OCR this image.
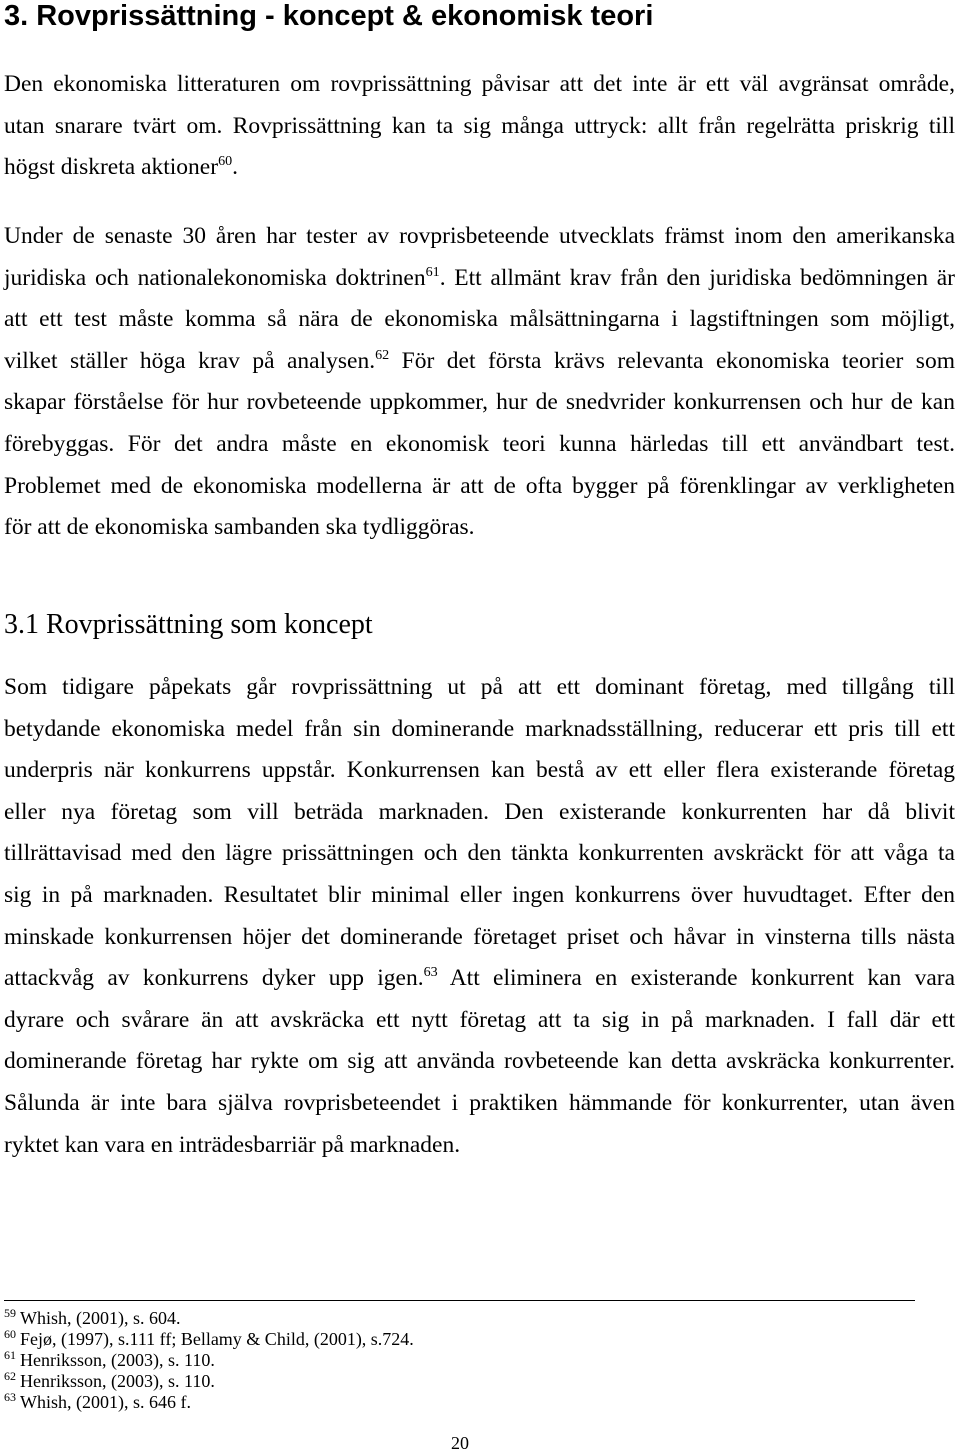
3. Rovprissättning - koncept & ekonomisk teori
Den ekonomiska litteraturen om rovprissättning påvisar att det inte är ett väl avgränsat område,
utan snarare tvärt om. Rovprissättning kan ta sig många uttryck: allt från regelrätta priskrig till
högst diskreta aktioner$^{60}$.
Under de senaste 30 åren har tester av rovprisbeteende utvecklats främst inom den amerikanska
juridiska och nationalekonomiska doktrinen$^{61}$. Ett allmänt krav från den juridiska bedömningen är
att ett test måste komma så nära de ekonomiska målsättningarna i lagstiftningen som möjligt,
vilket ställer höga krav på analysen.$^{62}$ För det första krävs relevanta ekonomiska teorier som
skapar förståelse för hur rovbeteende uppkommer, hur de snedvrider konkurrensen och hur de kan
förebyggas. För det andra måste en ekonomisk teori kunna härledas till ett användbart test.
Problemet med de ekonomiska modellerna är att de ofta bygger på förenklingar av verkligheten
för att de ekonomiska sambanden ska tydliggöras.
3.1 Rovprissättning som koncept
Som tidigare påpekats går rovprissättning ut på att ett dominant företag, med tillgång till
betydande ekonomiska medel från sin dominerande marknadsställning, reducerar ett pris till ett
underpris när konkurrens uppstår. Konkurrensen kan bestå av ett eller flera existerande företag
eller nya företag som vill beträda marknaden. Den existerande konkurrenten har då blivit
tillrättavisad med den lägre prissättningen och den tänkta konkurrenten avskräckt för att våga ta
sig in på marknaden. Resultatet blir minimal eller ingen konkurrens över huvudtaget. Efter den
minskade konkurrensen höjer det dominerande företaget priset och håvar in vinsterna tills nästa
attackvåg av konkurrens dyker upp igen.$^{63}$ Att eliminera en existerande konkurrent kan vara
dyrare och svårare än att avskräcka ett nytt företag att ta sig in på marknaden. I fall där ett
dominerande företag har rykte om sig att använda rovbeteende kan detta avskräcka konkurrenter.
Sålunda är inte bara själva rovprisbeteendet i praktiken hämmande för konkurrenter, utan även
ryktet kan vara en inträdesbarriär på marknaden.
$^{59}$ Whish, (2001), s. 604.
$^{60}$ Fejø, (1997), s.111 ff; Bellamy & Child, (2001), s.724.
$^{61}$ Henriksson, (2003), s. 110.
$^{62}$ Henriksson, (2003), s. 110.
$^{63}$ Whish, (2001), s. 646 f.
20
